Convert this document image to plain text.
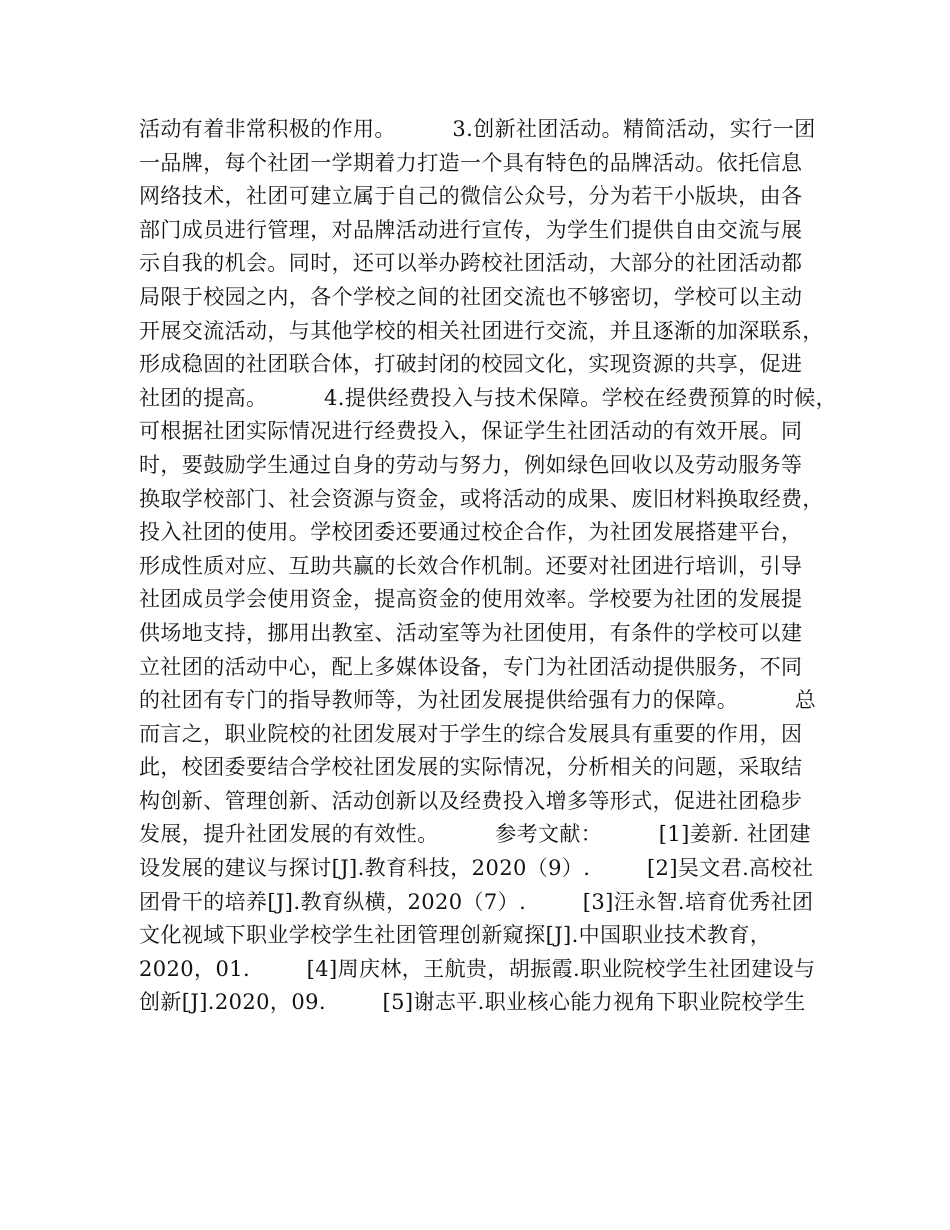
活动有着非常积极的作用。        3.创新社团活动。精简活动，实行一团
一品牌，每个社团一学期着力打造一个具有特色的品牌活动。依托信息
网络技术，社团可建立属于自己的微信公众号，分为若干小版块，由各
部门成员进行管理，对品牌活动进行宣传，为学生们提供自由交流与展
示自我的机会。同时，还可以举办跨校社团活动，大部分的社团活动都
局限于校园之内，各个学校之间的社团交流也不够密切，学校可以主动
开展交流活动，与其他学校的相关社团进行交流，并且逐渐的加深联系，
形成稳固的社团联合体，打破封闭的校园文化，实现资源的共享，促进
社团的提高。        4.提供经费投入与技术保障。学校在经费预算的时候，
可根据社团实际情况进行经费投入，保证学生社团活动的有效开展。同
时，要鼓励学生通过自身的劳动与努力，例如绿色回收以及劳动服务等
换取学校部门、社会资源与资金，或将活动的成果、废旧材料换取经费，
投入社团的使用。学校团委还要通过校企合作，为社团发展搭建平台，
形成性质对应、互助共赢的长效合作机制。还要对社团进行培训，引导
社团成员学会使用资金，提高资金的使用效率。学校要为社团的发展提
供场地支持，挪用出教室、活动室等为社团使用，有条件的学校可以建
立社团的活动中心，配上多媒体设备，专门为社团活动提供服务，不同
的社团有专门的指导教师等，为社团发展提供给强有力的保障。        总
而言之，职业院校的社团发展对于学生的综合发展具有重要的作用，因
此，校团委要结合学校社团发展的实际情况，分析相关的问题，采取结
构创新、管理创新、活动创新以及经费投入增多等形式，促进社团稳步
发展，提升社团发展的有效性。        参考文献：        [1]姜新. 社团建
设发展的建议与探讨[J].教育科技，2020（9）.        [2]吴文君.高校社
团骨干的培养[J].教育纵横，2020（7）.        [3]汪永智.培育优秀社团
文化视域下职业学校学生社团管理创新窥探[J].中国职业技术教育，
2020，01.        [4]周庆林，王航贵，胡振霞.职业院校学生社团建设与
创新[J].2020，09.        [5]谢志平.职业核心能力视角下职业院校学生
